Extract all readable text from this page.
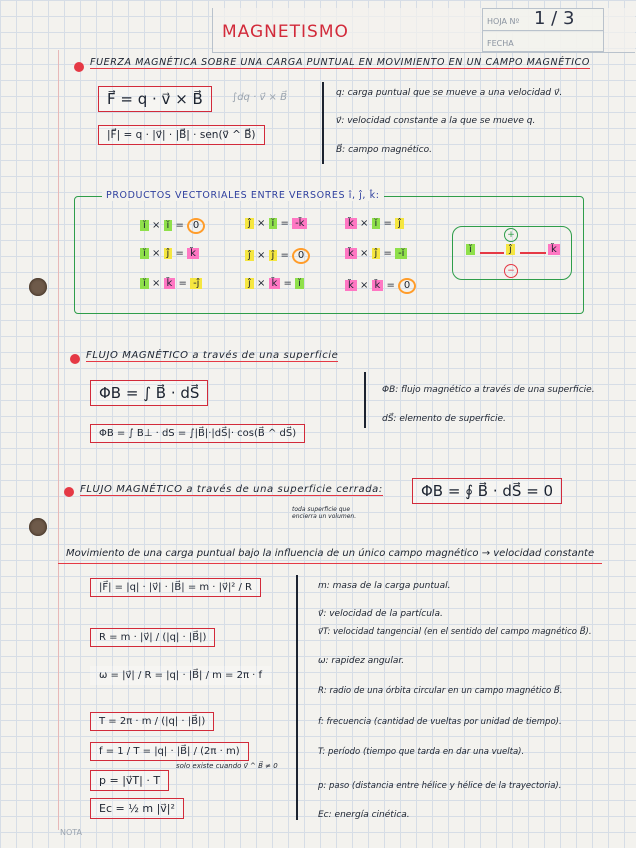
MAGNETISMO
HOJA Nº 1 / 3
FECHA
NOTA
FUERZA MAGNÉTICA SOBRE UNA CARGA PUNTUAL EN MOVIMIENTO EN UN CAMPO MAGNÉTICO
F⃗ = q · v⃗ × B⃗	∫dq · v⃗ × B⃗
|F⃗| = q · |v⃗| · |B⃗| · sen(v⃗ ^ B⃗)
q: carga puntual que se mueve a una velocidad v⃗.
v⃗: velocidad constante a la que se mueve q.
B⃗: campo magnético.
PRODUCTOS VECTORIALES ENTRE VERSORES î, ĵ, k̂:
ĭ × ĭ = 0
ĭ × ĵ = k̆
ĭ × k̆ = -ĵ
ĵ × ĭ = -k̆
ĵ × ĵ = 0
ĵ × k̆ = ĭ
k̆ × ĭ = ĵ
k̆ × ĵ = -ĭ
k̆ × k̆ = 0
ĭ	ĵ	k̆
+
−
FLUJO MAGNÉTICO a través de una superficie
ΦB = ∫ B⃗ · dS⃗
ΦB = ∫ B⊥ · dS = ∫|B⃗|·|dS⃗|· cos(B⃗ ^ dS⃗)
ΦB: flujo magnético a través de una superficie.
dS⃗: elemento de superficie.
FLUJO MAGNÉTICO a través de una superficie cerrada:	ΦB = ∮ B⃗ · dS⃗ = 0
toda superficie que encierra un volumen.
Movimiento de una carga puntual bajo la influencia de un único campo magnético → velocidad constante
|F⃗| = |q| · |v⃗| · |B⃗| = m · |v⃗|² / R
R = m · |v⃗| / (|q| · |B⃗|)
ω = |v⃗| / R = |q| · |B⃗| / m = 2π · f
T = 2π · m / (|q| · |B⃗|)
f = 1 / T = |q| · |B⃗| / (2π · m)
p = |v⃗T| · T
solo existe cuando v⃗ ^ B⃗ ≠ 0
Ec = ½ m |v⃗|²
m: masa de la carga puntual.
v⃗: velocidad de la partícula.
v⃗T: velocidad tangencial (en el sentido del campo magnético B⃗).
ω: rapidez angular.
R: radio de una órbita circular en un campo magnético B⃗.
f: frecuencia (cantidad de vueltas por unidad de tiempo).
T: período (tiempo que tarda en dar una vuelta).
p: paso (distancia entre hélice y hélice de la trayectoria).
Ec: energía cinética.
